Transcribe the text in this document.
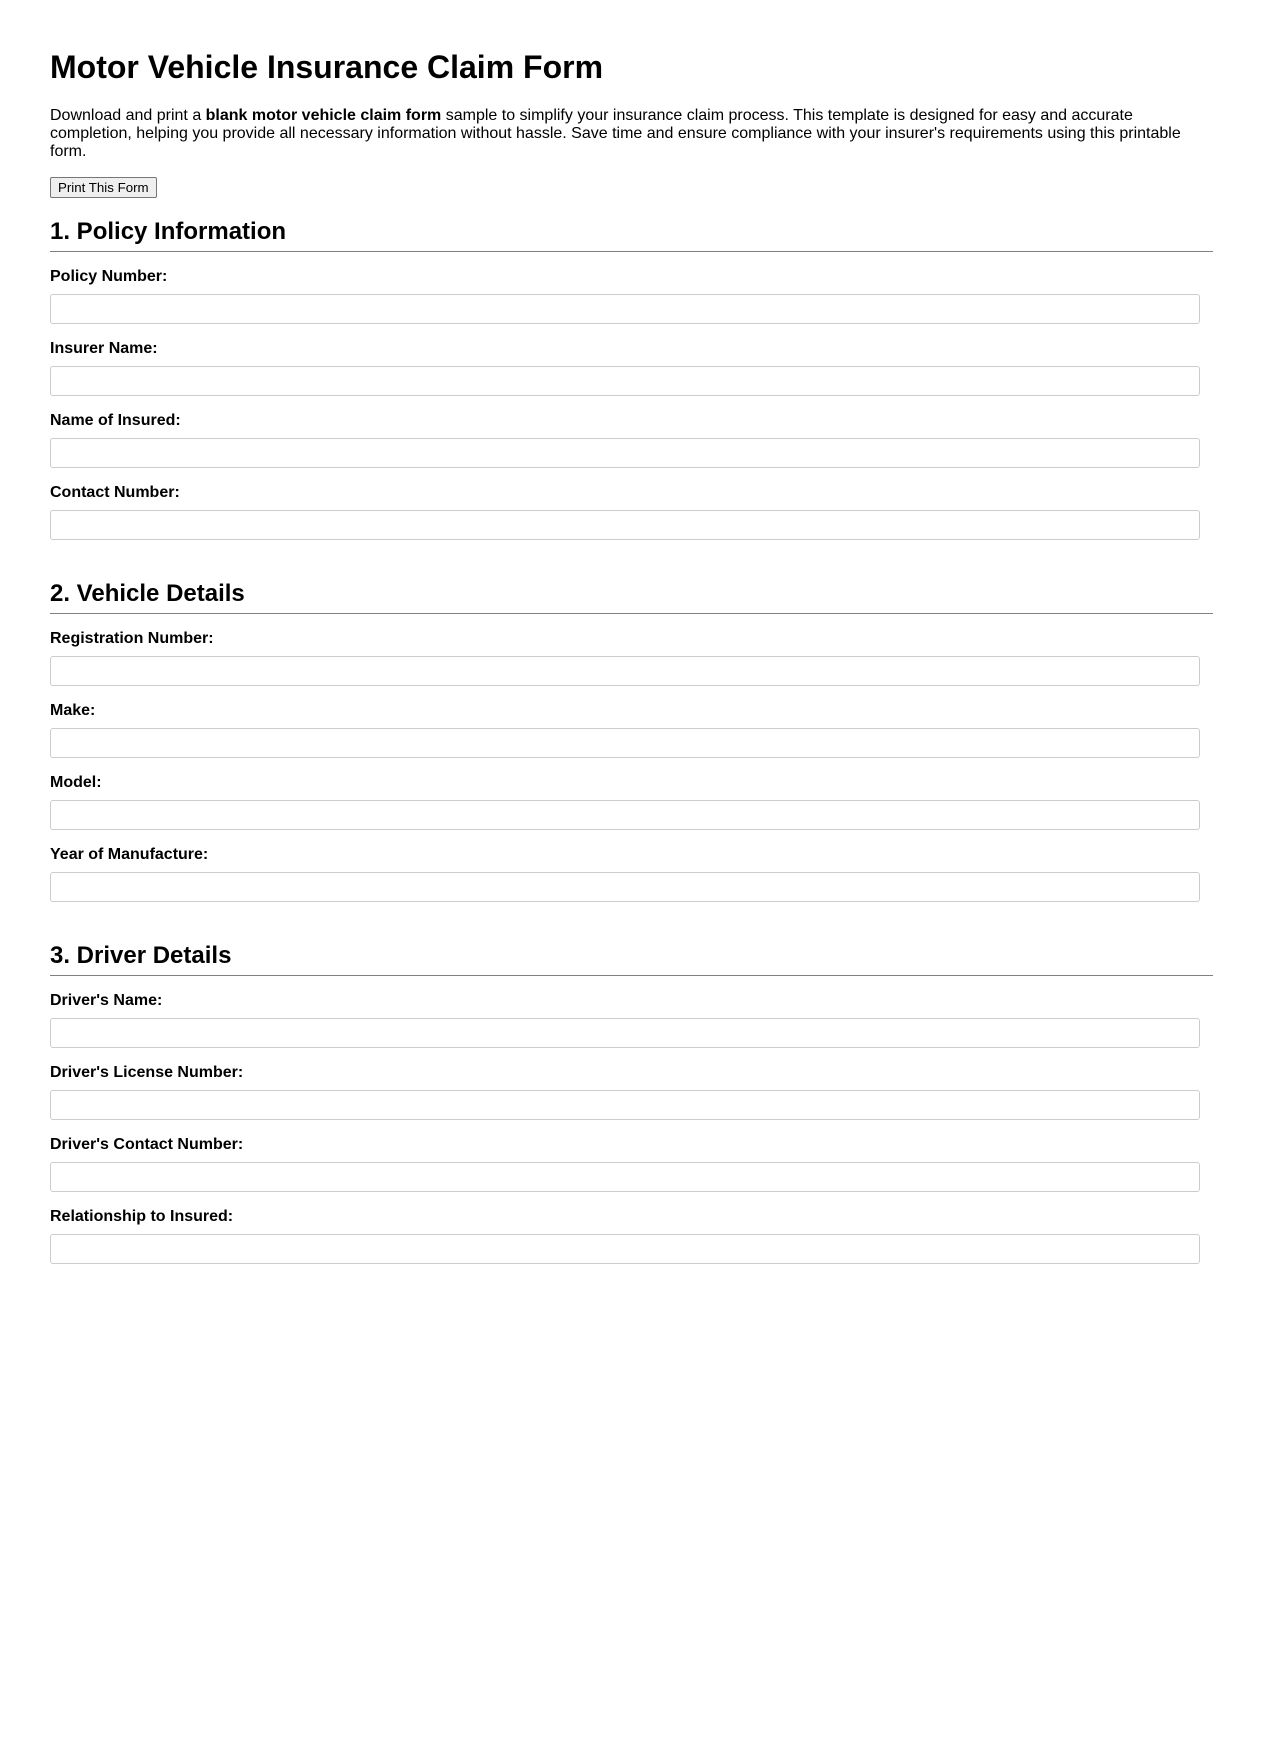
Motor Vehicle Insurance Claim Form

Download and print a blank motor vehicle claim form sample to simplify your insurance claim process. This template is designed for easy and accurate completion, helping you provide all necessary information without hassle. Save time and ensure compliance with your insurer's requirements using this printable form.

Print This Form
1. Policy Information
Policy Number:
Insurer Name:
Name of Insured:
Contact Number:
2. Vehicle Details
Registration Number:
Make:
Model:
Year of Manufacture:
3. Driver Details
Driver's Name:
Driver's License Number:
Driver's Contact Number:
Relationship to Insured:
